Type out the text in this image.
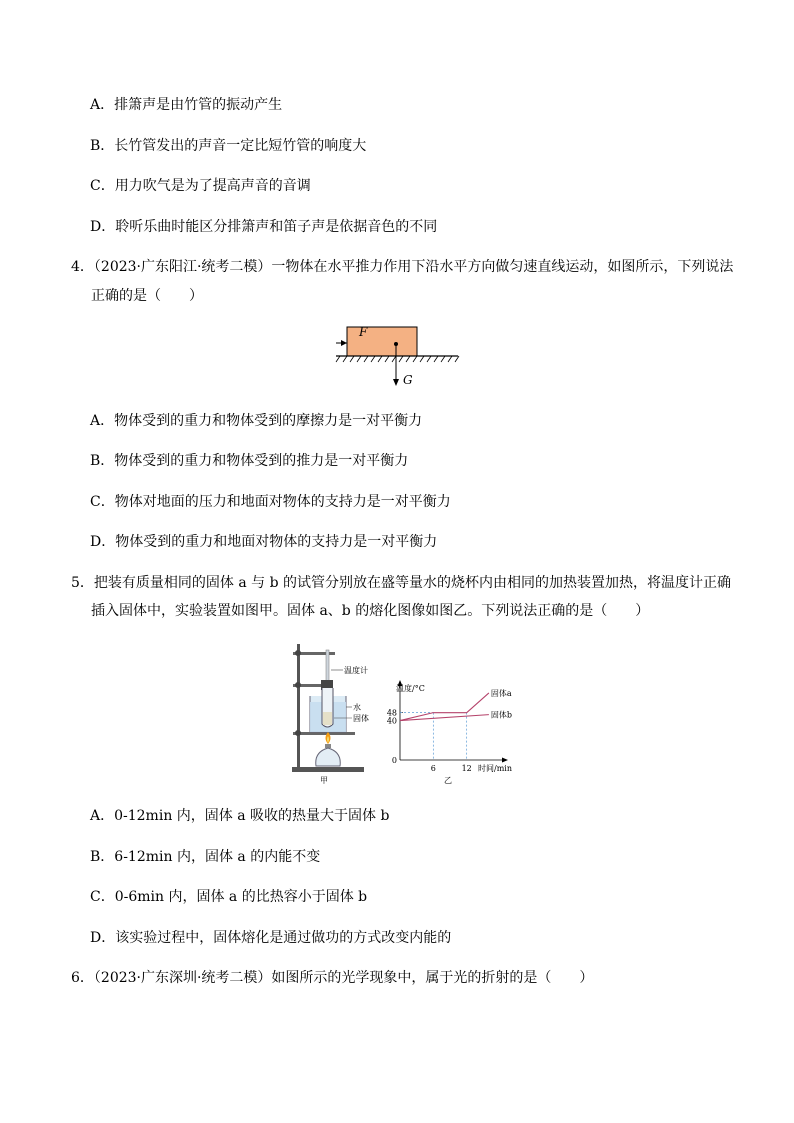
A．排箫声是由竹管的振动产生
B．长竹管发出的声音一定比短竹管的响度大
C．用力吹气是为了提高声音的音调
D．聆听乐曲时能区分排箫声和笛子声是依据音色的不同
4．（2023·广东阳江·统考二模）一物体在水平推力作用下沿水平方向做匀速直线运动，如图所示，下列说法
正确的是（　　）
F
G
A．物体受到的重力和物体受到的摩擦力是一对平衡力
B．物体受到的重力和物体受到的推力是一对平衡力
C．物体对地面的压力和地面对物体的支持力是一对平衡力
D．物体受到的重力和地面对物体的支持力是一对平衡力
5．把装有质量相同的固体 a 与 b 的试管分别放在盛等量水的烧杯内由相同的加热装置加热，将温度计正确
插入固体中，实验装置如图甲。固体 a、b 的熔化图像如图乙。下列说法正确的是（　　）
温度计
水
固体
甲
温度/°C
时间/min
0
40
48
6	12
固体a
固体b
乙
A．0-12min 内，固体 a 吸收的热量大于固体 b
B．6-12min 内，固体 a 的内能不变
C．0-6min 内，固体 a 的比热容小于固体 b
D．该实验过程中，固体熔化是通过做功的方式改变内能的
6．（2023·广东深圳·统考二模）如图所示的光学现象中，属于光的折射的是（　　）
